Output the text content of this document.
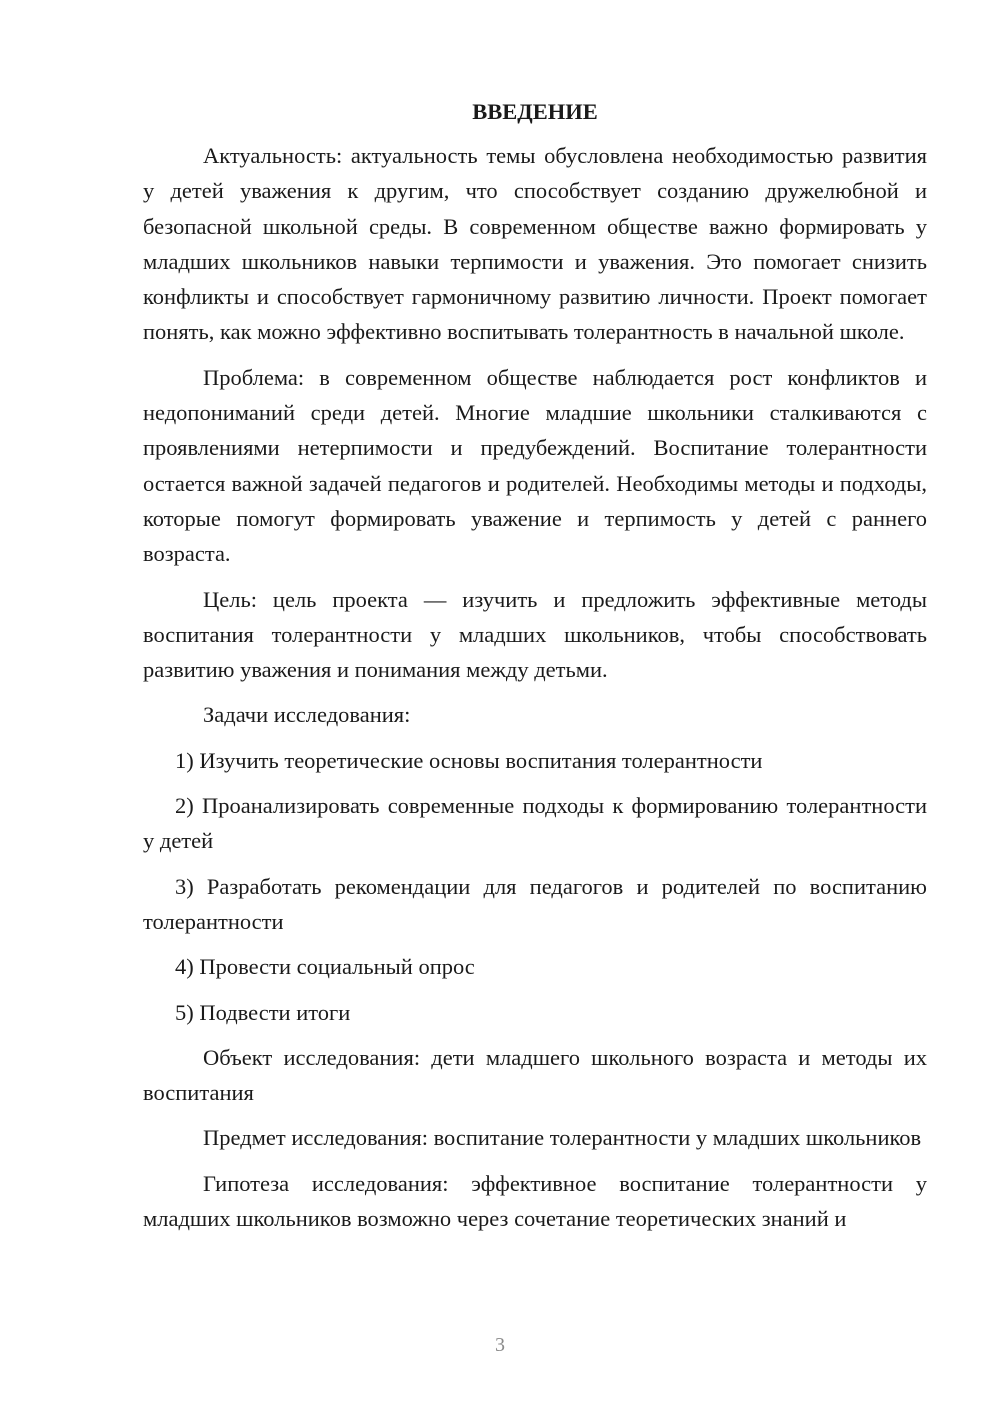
ВВЕДЕНИЕ

Актуальность: актуальность темы обусловлена необходимостью развития у детей уважения к другим, что способствует созданию дружелюбной и безопасной школьной среды. В современном обществе важно формировать у младших школьников навыки терпимости и уважения. Это помогает снизить конфликты и способствует гармоничному развитию личности. Проект помогает понять, как можно эффективно воспитывать толерантность в начальной школе.

Проблема: в современном обществе наблюдается рост конфликтов и недопониманий среди детей. Многие младшие школьники сталкиваются с проявлениями нетерпимости и предубеждений. Воспитание толерантности остается важной задачей педагогов и родителей. Необходимы методы и подходы, которые помогут формировать уважение и терпимость у детей с раннего возраста.

Цель: цель проекта — изучить и предложить эффективные методы воспитания толерантности у младших школьников, чтобы способствовать развитию уважения и понимания между детьми.

Задачи исследования:

1) Изучить теоретические основы воспитания толерантности

2) Проанализировать современные подходы к формированию толерантности у детей

3) Разработать рекомендации для педагогов и родителей по воспитанию толерантности

4) Провести социальный опрос

5) Подвести итоги

Объект исследования: дети младшего школьного возраста и методы их воспитания

Предмет исследования: воспитание толерантности у младших школьников

Гипотеза исследования: эффективное воспитание толерантности у младших школьников возможно через сочетание теоретических знаний и

3
